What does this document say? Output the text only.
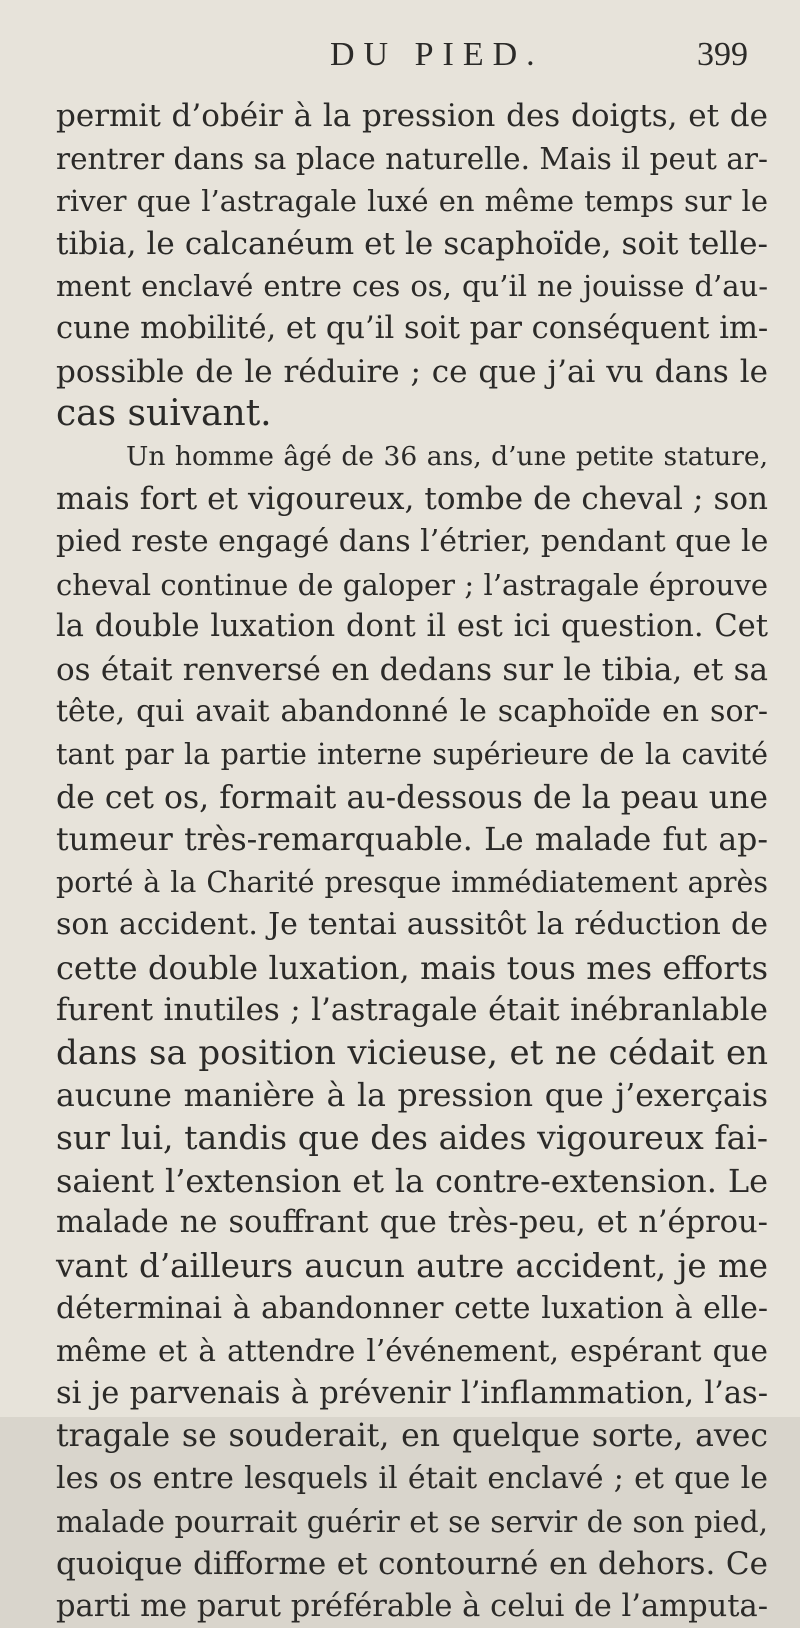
DU PIED.	399
permit d’obéir à la pression des doigts, et de
rentrer dans sa place naturelle. Mais il peut ar-
river que l’astragale luxé en même temps sur le
tibia, le calcanéum et le scaphoïde, soit telle-
ment enclavé entre ces os, qu’il ne jouisse d’au-
cune mobilité, et qu’il soit par conséquent im-
possible de le réduire ; ce que j’ai vu dans le
cas suivant.
Un homme âgé de 36 ans, d’une petite stature,
mais fort et vigoureux, tombe de cheval ; son
pied reste engagé dans l’étrier, pendant que le
cheval continue de galoper ; l’astragale éprouve
la double luxation dont il est ici question. Cet
os était renversé en dedans sur le tibia, et sa
tête, qui avait abandonné le scaphoïde en sor-
tant par la partie interne supérieure de la cavité
de cet os, formait au-dessous de la peau une
tumeur très-remarquable. Le malade fut ap-
porté à la Charité presque immédiatement après
son accident. Je tentai aussitôt la réduction de
cette double luxation, mais tous mes efforts
furent inutiles ; l’astragale était inébranlable
dans sa position vicieuse, et ne cédait en
aucune manière à la pression que j’exerçais
sur lui, tandis que des aides vigoureux fai-
saient l’extension et la contre-extension. Le
malade ne souffrant que très-peu, et n’éprou-
vant d’ailleurs aucun autre accident, je me
déterminai à abandonner cette luxation à elle-
même et à attendre l’événement, espérant que
si je parvenais à prévenir l’inflammation, l’as-
tragale se souderait, en quelque sorte, avec
les os entre lesquels il était enclavé ; et que le
malade pourrait guérir et se servir de son pied,
quoique difforme et contourné en dehors. Ce
parti me parut préférable à celui de l’amputa-
